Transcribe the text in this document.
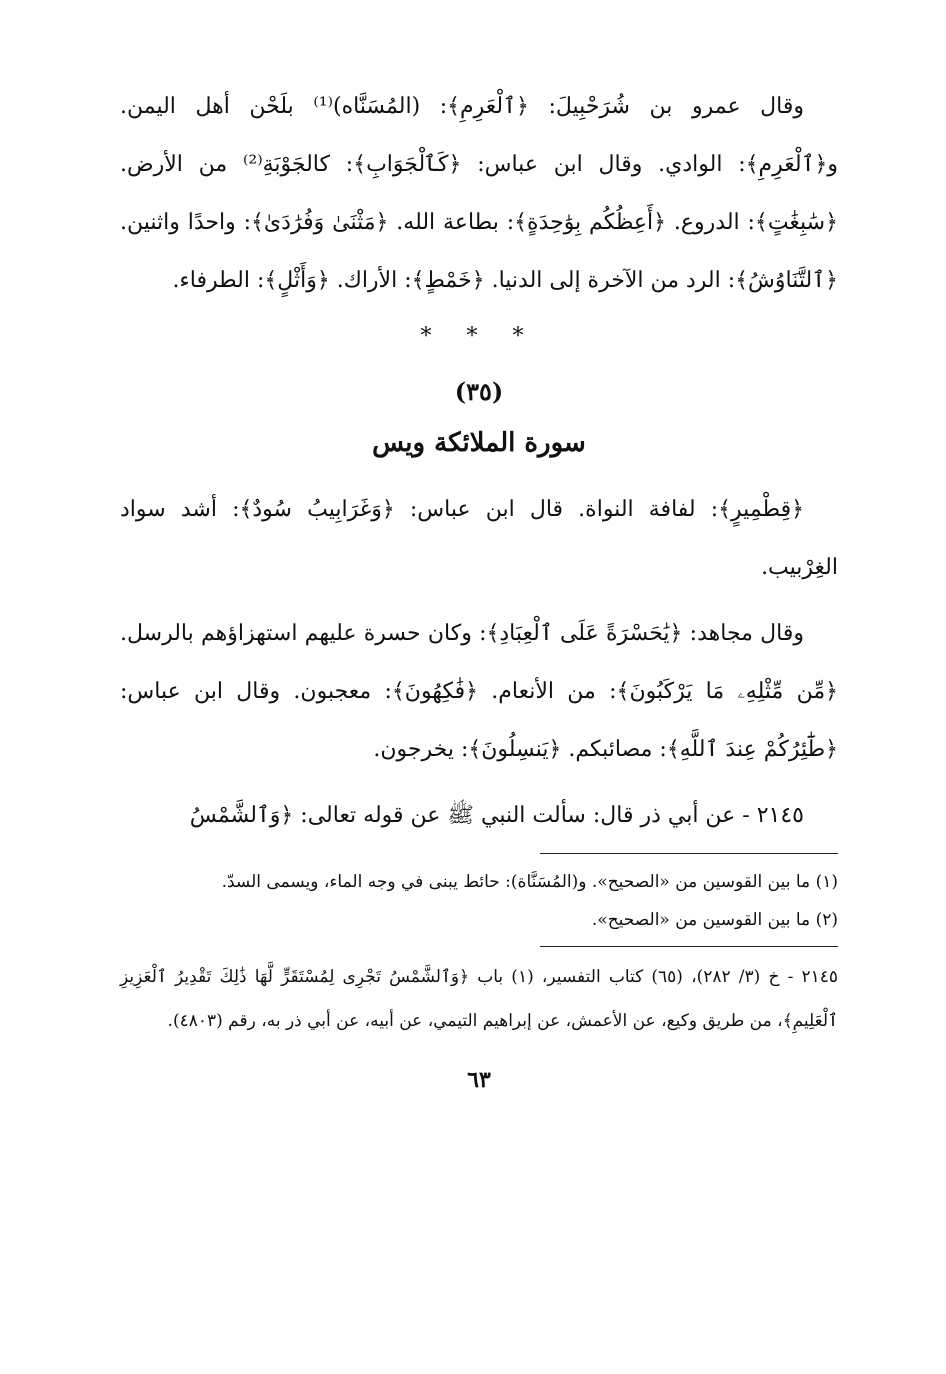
وقال عمرو بن شُرَحْبِيلَ: ﴿ٱلْعَرِمِ﴾: (المُسَنَّاه)⁽¹⁾ بلَحْن أهل اليمن. و﴿ٱلْعَرِمِ﴾: الوادي. وقال ابن عباس: ﴿كَٱلْجَوَابِ﴾: كالجَوْبَةِ⁽²⁾ من الأرض. ﴿سَٰبِغَٰتٍ﴾: الدروع. ﴿أَعِظُكُم بِوَٰحِدَةٍ﴾: بطاعة الله. ﴿مَثْنَىٰ وَفُرَٰدَىٰ﴾: واحدًا واثنين. ﴿ٱلتَّنَاوُشُ﴾: الرد من الآخرة إلى الدنيا. ﴿خَمْطٍ﴾: الأراك. ﴿وَأَثْلٍ﴾: الطرفاء.

* * *

(٣٥)

سورة الملائكة ويس

﴿قِطْمِيرٍ﴾: لفافة النواة. قال ابن عباس: ﴿وَغَرَابِيبُ سُودٌ﴾: أشد سواد الغِرْبيب.

وقال مجاهد: ﴿يَٰحَسْرَةً عَلَى ٱلْعِبَادِ﴾: وكان حسرة عليهم استهزاؤهم بالرسل. ﴿مِّن مِّثْلِهِۦ مَا يَرْكَبُونَ﴾: من الأنعام. ﴿فَٰكِهُونَ﴾: معجبون. وقال ابن عباس: ﴿طَٰٓئِرُكُمْ عِندَ ٱللَّهِ﴾: مصائبكم. ﴿يَنسِلُونَ﴾: يخرجون.

٢١٤٥ - عن أبي ذر قال: سألت النبي ﷺ عن قوله تعالى: ﴿وَٱلشَّمْسُ

(١) ما بين القوسين من «الصحيح». و(المُسَنَّاة): حائط يبنى في وجه الماء، ويسمى السدّ.

(٢) ما بين القوسين من «الصحيح».

٢١٤٥ - خ (٣/ ٢٨٢)، (٦٥) كتاب التفسير، (١) باب ﴿وَٱلشَّمْسُ تَجْرِى لِمُسْتَقَرٍّ لَّهَا ذَٰلِكَ تَقْدِيرُ ٱلْعَزِيزِ ٱلْعَلِيمِ﴾، من طريق وكيع، عن الأعمش، عن إبراهيم التيمي، عن أبيه، عن أبي ذر به، رقم (٤٨٠٣).

٦٣
